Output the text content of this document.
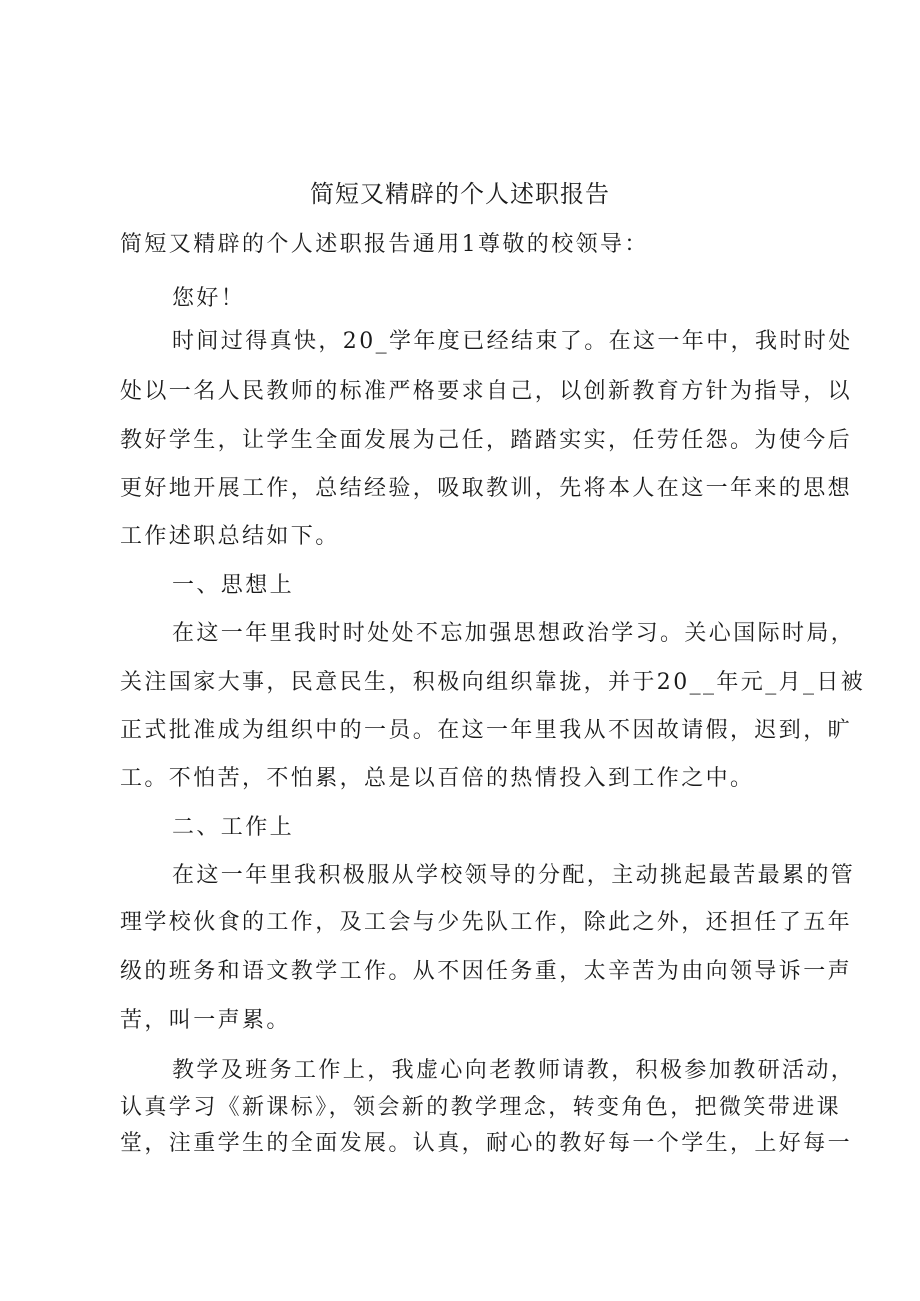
简短又精辟的个人述职报告
简短又精辟的个人述职报告通用1尊敬的校领导：
您好！
时间过得真快，20_学年度已经结束了。在这一年中，我时时处
处以一名人民教师的标准严格要求自己，以创新教育方针为指导，以
教好学生，让学生全面发展为己任，踏踏实实，任劳任怨。为使今后
更好地开展工作，总结经验，吸取教训，先将本人在这一年来的思想
工作述职总结如下。
一、思想上
在这一年里我时时处处不忘加强思想政治学习。关心国际时局，
关注国家大事，民意民生，积极向组织靠拢，并于20__年元_月_日被
正式批准成为组织中的一员。在这一年里我从不因故请假，迟到，旷
工。不怕苦，不怕累，总是以百倍的热情投入到工作之中。
二、工作上
在这一年里我积极服从学校领导的分配，主动挑起最苦最累的管
理学校伙食的工作，及工会与少先队工作，除此之外，还担任了五年
级的班务和语文教学工作。从不因任务重，太辛苦为由向领导诉一声
苦，叫一声累。
教学及班务工作上，我虚心向老教师请教，积极参加教研活动，
认真学习《新课标》，领会新的教学理念，转变角色，把微笑带进课
堂，注重学生的全面发展。认真，耐心的教好每一个学生，上好每一
